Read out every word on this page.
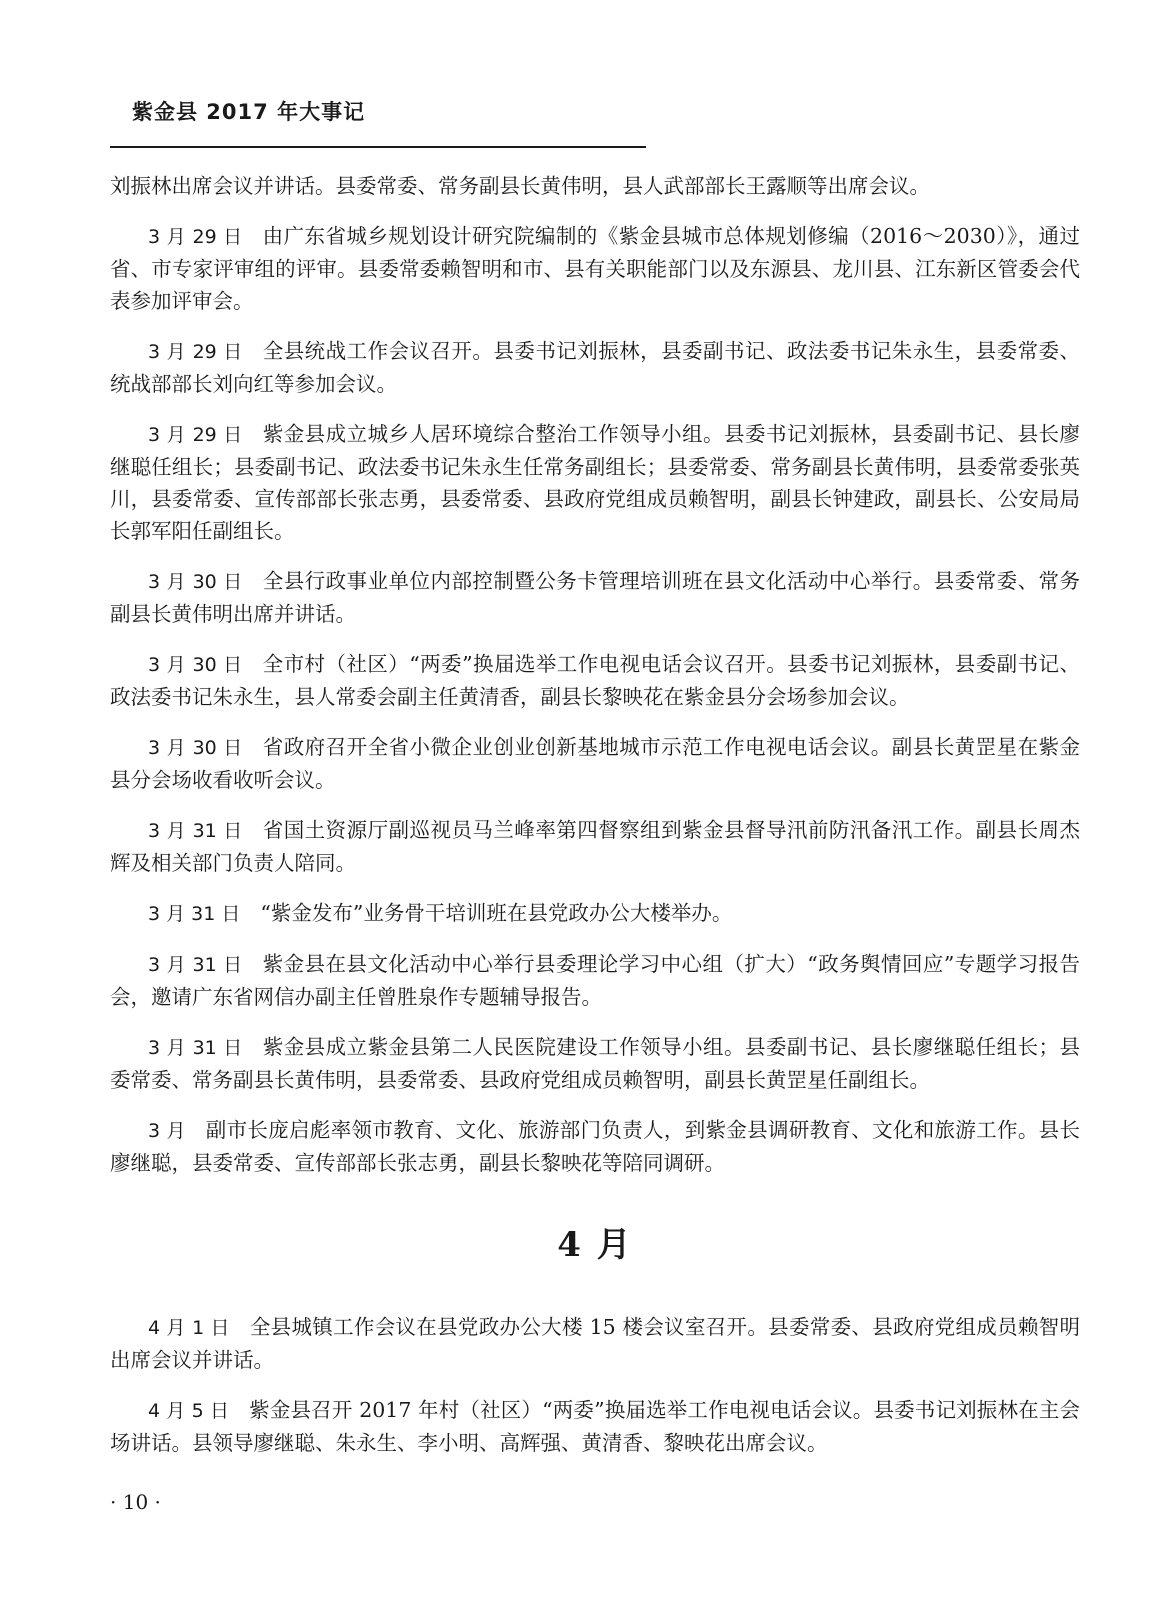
紫金县 2017 年大事记

刘振林出席会议并讲话。县委常委、常务副县长黄伟明，县人武部部长王露顺等出席会议。

3 月 29 日 由广东省城乡规划设计研究院编制的《紫金县城市总体规划修编（2016～2030）》，通过省、市专家评审组的评审。县委常委赖智明和市、县有关职能部门以及东源县、龙川县、江东新区管委会代表参加评审会。

3 月 29 日 全县统战工作会议召开。县委书记刘振林，县委副书记、政法委书记朱永生，县委常委、统战部部长刘向红等参加会议。

3 月 29 日 紫金县成立城乡人居环境综合整治工作领导小组。县委书记刘振林，县委副书记、县长廖继聪任组长；县委副书记、政法委书记朱永生任常务副组长；县委常委、常务副县长黄伟明，县委常委张英川，县委常委、宣传部部长张志勇，县委常委、县政府党组成员赖智明，副县长钟建政，副县长、公安局局长郭军阳任副组长。

3 月 30 日 全县行政事业单位内部控制暨公务卡管理培训班在县文化活动中心举行。县委常委、常务副县长黄伟明出席并讲话。

3 月 30 日 全市村（社区）“两委”换届选举工作电视电话会议召开。县委书记刘振林，县委副书记、政法委书记朱永生，县人常委会副主任黄清香，副县长黎映花在紫金县分会场参加会议。

3 月 30 日 省政府召开全省小微企业创业创新基地城市示范工作电视电话会议。副县长黄罡星在紫金县分会场收看收听会议。

3 月 31 日 省国土资源厅副巡视员马兰峰率第四督察组到紫金县督导汛前防汛备汛工作。副县长周杰辉及相关部门负责人陪同。

3 月 31 日 “紫金发布”业务骨干培训班在县党政办公大楼举办。

3 月 31 日 紫金县在县文化活动中心举行县委理论学习中心组（扩大）“政务舆情回应”专题学习报告会，邀请广东省网信办副主任曾胜泉作专题辅导报告。

3 月 31 日 紫金县成立紫金县第二人民医院建设工作领导小组。县委副书记、县长廖继聪任组长；县委常委、常务副县长黄伟明，县委常委、县政府党组成员赖智明，副县长黄罡星任副组长。

3 月 副市长庞启彪率领市教育、文化、旅游部门负责人，到紫金县调研教育、文化和旅游工作。县长廖继聪，县委常委、宣传部部长张志勇，副县长黎映花等陪同调研。

4 月

4 月 1 日 全县城镇工作会议在县党政办公大楼 15 楼会议室召开。县委常委、县政府党组成员赖智明出席会议并讲话。

4 月 5 日 紫金县召开 2017 年村（社区）“两委”换届选举工作电视电话会议。县委书记刘振林在主会场讲话。县领导廖继聪、朱永生、李小明、高辉强、黄清香、黎映花出席会议。

· 10 ·
